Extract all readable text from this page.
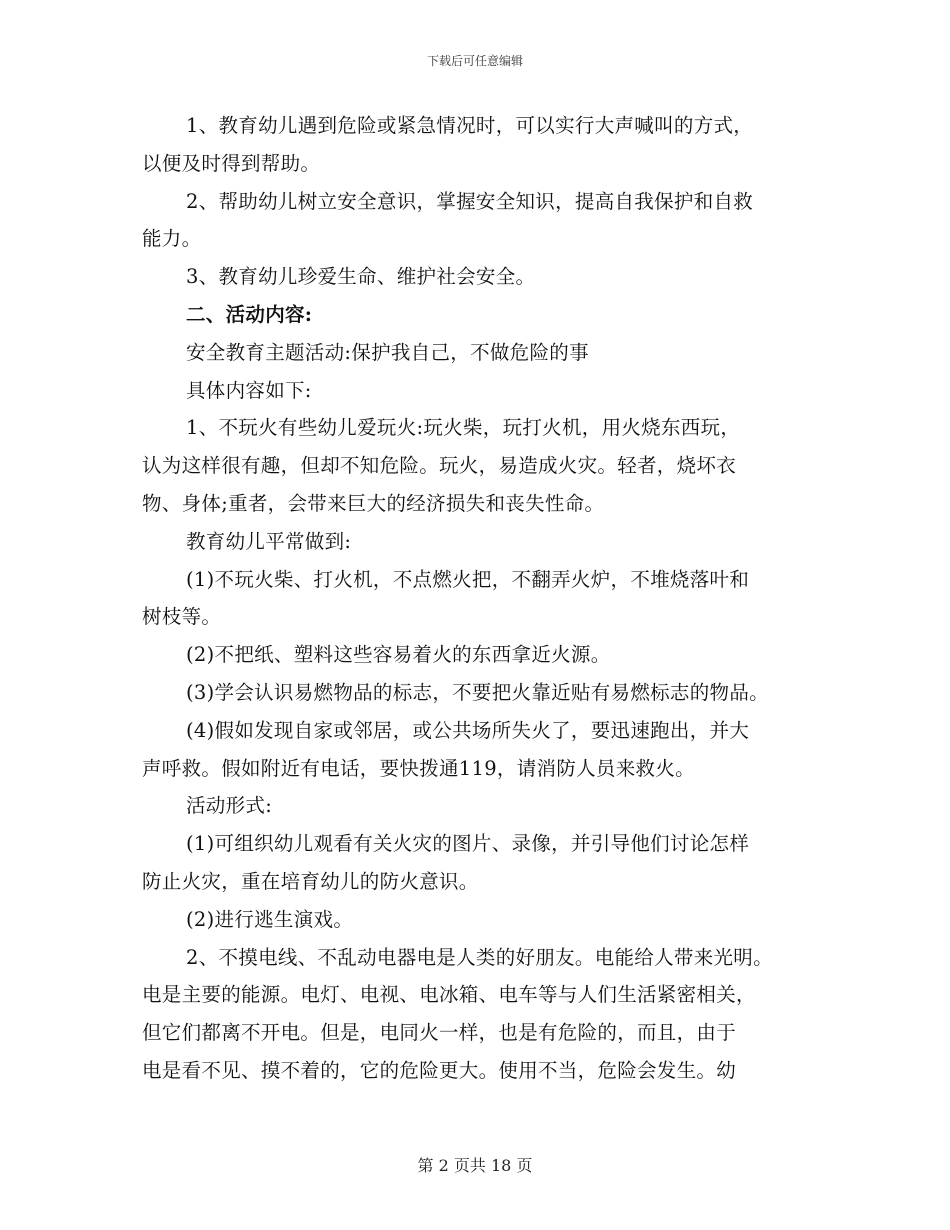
下载后可任意编辑
1、教育幼儿遇到危险或紧急情况时，可以实行大声喊叫的方式，
以便及时得到帮助。
2、帮助幼儿树立安全意识，掌握安全知识，提高自我保护和自救
能力。
3、教育幼儿珍爱生命、维护社会安全。
二、活动内容:
安全教育主题活动:保护我自己，不做危险的事
具体内容如下:
1、不玩火有些幼儿爱玩火:玩火柴，玩打火机，用火烧东西玩，
认为这样很有趣，但却不知危险。玩火，易造成火灾。轻者，烧坏衣
物、身体;重者，会带来巨大的经济损失和丧失性命。
教育幼儿平常做到:
(1)不玩火柴、打火机，不点燃火把，不翻弄火炉，不堆烧落叶和
树枝等。
(2)不把纸、塑料这些容易着火的东西拿近火源。
(3)学会认识易燃物品的标志，不要把火靠近贴有易燃标志的物品。
(4)假如发现自家或邻居，或公共场所失火了，要迅速跑出，并大
声呼救。假如附近有电话，要快拨通119，请消防人员来救火。
活动形式:
(1)可组织幼儿观看有关火灾的图片、录像，并引导他们讨论怎样
防止火灾，重在培育幼儿的防火意识。
(2)进行逃生演戏。
2、不摸电线、不乱动电器电是人类的好朋友。电能给人带来光明。
电是主要的能源。电灯、电视、电冰箱、电车等与人们生活紧密相关，
但它们都离不开电。但是，电同火一样，也是有危险的，而且，由于
电是看不见、摸不着的，它的危险更大。使用不当，危险会发生。幼
第 2 页共 18 页
